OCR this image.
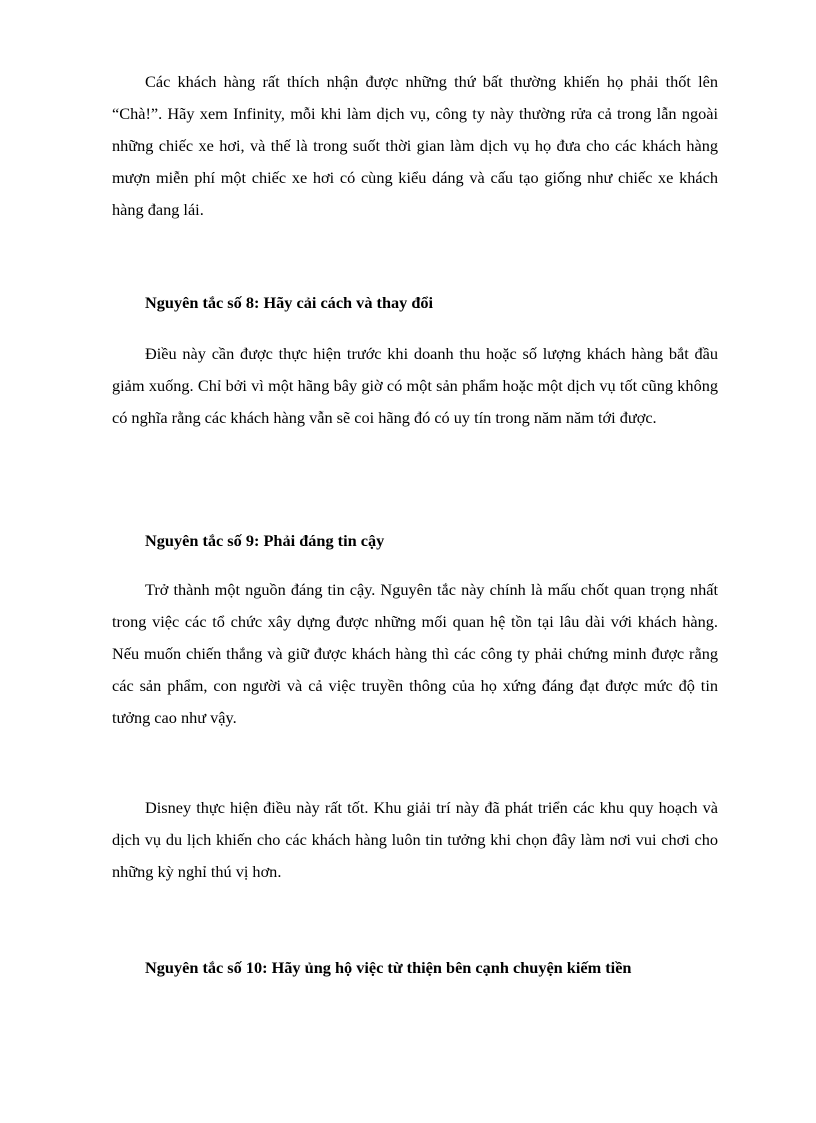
Các khách hàng rất thích nhận được những thứ bất thường khiến họ phải thốt lên “Chà!”. Hãy xem Infinity, mỗi khi làm dịch vụ, công ty này thường rửa cả trong lẫn ngoài những chiếc xe hơi, và thế là trong suốt thời gian làm dịch vụ họ đưa cho các khách hàng mượn miễn phí một chiếc xe hơi có cùng kiểu dáng và cấu tạo giống như chiếc xe khách hàng đang lái.

Nguyên tắc số 8: Hãy cải cách và thay đổi

Điều này cần được thực hiện trước khi doanh thu hoặc số lượng khách hàng bắt đầu giảm xuống. Chỉ bởi vì một hãng bây giờ có một sản phẩm hoặc một dịch vụ tốt cũng không có nghĩa rằng các khách hàng vẫn sẽ coi hãng đó có uy tín trong năm năm tới được.

Nguyên tắc số 9: Phải đáng tin cậy

Trở thành một nguồn đáng tin cậy. Nguyên tắc này chính là mấu chốt quan trọng nhất trong việc các tổ chức xây dựng được những mối quan hệ tồn tại lâu dài với khách hàng. Nếu muốn chiến thắng và giữ được khách hàng thì các công ty phải chứng minh được rằng các sản phẩm, con người và cả việc truyền thông của họ xứng đáng đạt được mức độ tin tưởng cao như vậy.

Disney thực hiện điều này rất tốt. Khu giải trí này đã phát triển các khu quy hoạch và dịch vụ du lịch khiến cho các khách hàng luôn tin tưởng khi chọn đây làm nơi vui chơi cho những kỳ nghỉ thú vị hơn.

Nguyên tắc số 10: Hãy ủng hộ việc từ thiện bên cạnh chuyện kiếm tiền
